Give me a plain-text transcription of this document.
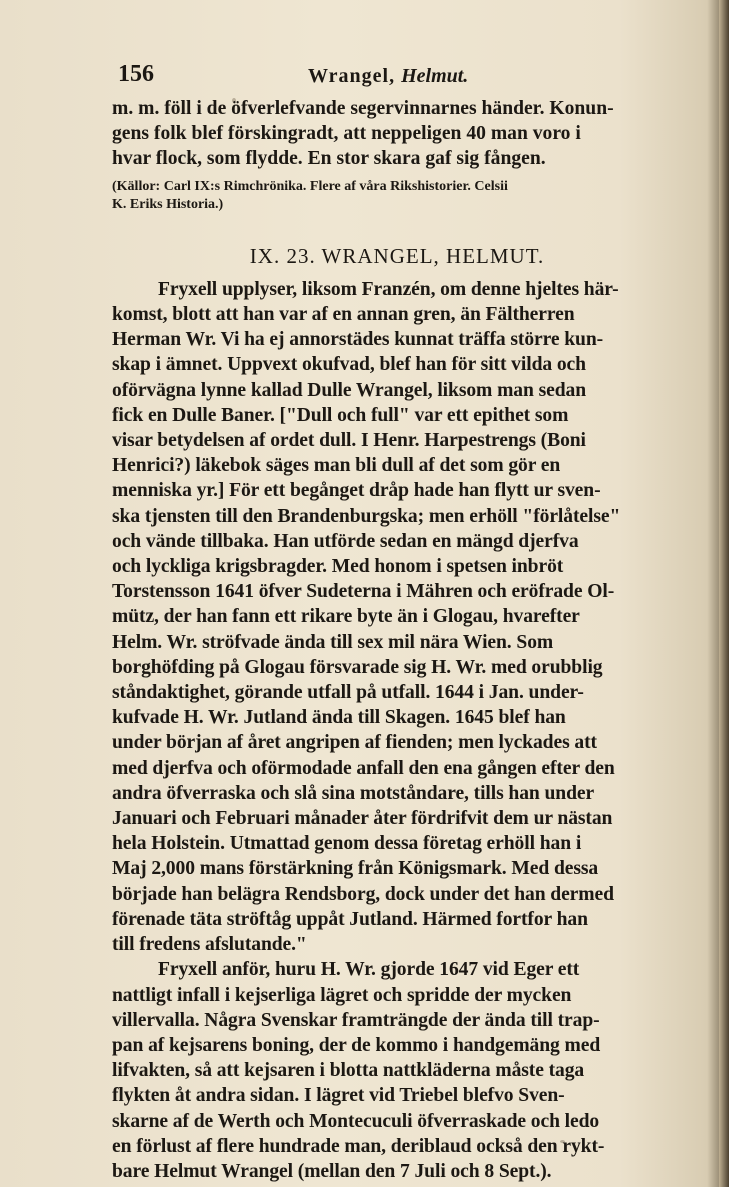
156	Wrangel, Helmut.

m. m. föll i de öfverlefvande segervinnarnes händer. Konun-
gens folk blef förskingradt, att neppeligen 40 man voro i
hvar flock, som flydde. En stor skara gaf sig fången.

(Källor: Carl IX:s Rimchrönika. Flere af våra Rikshistorier. Celsii
K. Eriks Historia.)

IX. 23. WRANGEL, HELMUT.

Fryxell upplyser, liksom Franzén, om denne hjeltes här-
komst, blott att han var af en annan gren, än Fältherren
Herman Wr. Vi ha ej annorstädes kunnat träffa större kun-
skap i ämnet. Uppvext okufvad, blef han för sitt vilda och
oförvägna lynne kallad Dulle Wrangel, liksom man sedan
fick en Dulle Baner. ["Dull och full" var ett epithet som
visar betydelsen af ordet dull. I Henr. Harpestrengs (Boni
Henrici?) läkebok säges man bli dull af det som gör en
menniska yr.] För ett begånget dråp hade han flytt ur sven-
ska tjensten till den Brandenburgska; men erhöll "förlåtelse"
och vände tillbaka. Han utförde sedan en mängd djerfva
och lyckliga krigsbragder. Med honom i spetsen inbröt
Torstensson 1641 öfver Sudeterna i Mähren och eröfrade Ol-
mütz, der han fann ett rikare byte än i Glogau, hvarefter
Helm. Wr. ströfvade ända till sex mil nära Wien. Som
borghöfding på Glogau försvarade sig H. Wr. med orubblig
ståndaktighet, görande utfall på utfall. 1644 i Jan. under-
kufvade H. Wr. Jutland ända till Skagen. 1645 blef han
under början af året angripen af fienden; men lyckades att
med djerfva och oförmodade anfall den ena gången efter den
andra öfverraska och slå sina motståndare, tills han under
Januari och Februari månader åter fördrifvit dem ur nästan
hela Holstein. Utmattad genom dessa företag erhöll han i
Maj 2,000 mans förstärkning från Königsmark. Med dessa
började han belägra Rendsborg, dock under det han dermed
förenade täta ströftåg uppåt Jutland. Härmed fortfor han
till fredens afslutande."

Fryxell anför, huru H. Wr. gjorde 1647 vid Eger ett
nattligt infall i kejserliga lägret och spridde der mycken
villervalla. Några Svenskar framträngde der ända till trap-
pan af kejsarens boning, der de kommo i handgemäng med
lifvakten, så att kejsaren i blotta nattkläderna måste taga
flykten åt andra sidan. I lägret vid Triebel blefvo Sven-
skarne af de Werth och Montecuculi öfverraskade och ledo
en förlust af flere hundrade man, deriblaud också den rykt-
bare Helmut Wrangel (mellan den 7 Juli och 8 Sept.).
